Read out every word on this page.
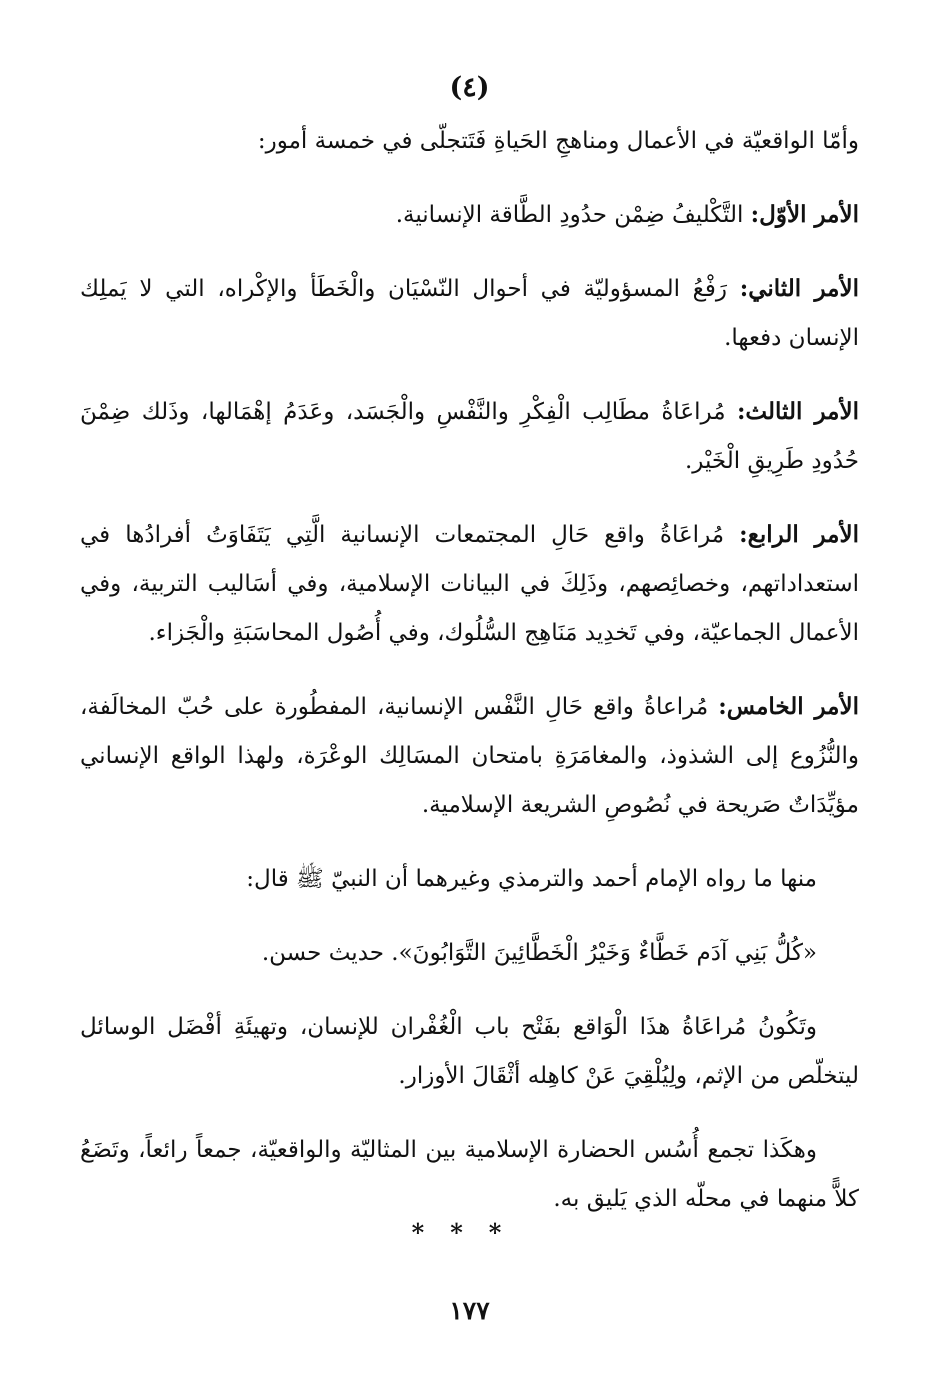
(٤)

وأمّا الواقعيّة في الأعمال ومناهجِ الحَياةِ فَتَتجلّى في خمسة أمور:

الأمر الأوّل: التَّكْليفُ ضِمْن حدُودِ الطَّاقة الإنسانية.

الأمر الثاني: رَفْعُ المسؤوليّة في أحوال النّسْيَان والْخَطَأ والإكْراه، التي لا يَملِك الإنسان دفعها.

الأمر الثالث: مُراعَاةُ مطَالِب الْفِكْرِ والنَّفْسِ والْجَسَد، وعَدَمُ إهْمَالها، وذَلك ضِمْنَ حُدُودِ طَرِيقِ الْخَيْر.

الأمر الرابع: مُراعَاةُ واقع حَالِ المجتمعات الإنسانية الَّتِي يَتَفَاوَتُ أفرادُها في استعداداتهم، وخصائِصهم، وذَلِكَ في البيانات الإسلامية، وفي أسَاليب التربية، وفي الأعمال الجماعيّة، وفي تَخدِيد مَنَاهِج السُّلُوك، وفي أُصُول المحاسَبَةِ والْجَزاء.

الأمر الخامس: مُراعاةُ واقع حَالِ النَّفْس الإنسانية، المفطُورة على حُبّ المخالَفة، والنُّزُوع إلى الشذوذ، والمغامَرَةِ بامتحان المسَالِك الوعْرَة، ولهذا الواقع الإنساني مؤيِّدَاتٌ صَريحة في نُصُوصِ الشريعة الإسلامية.

منها ما رواه الإمام أحمد والترمذي وغيرهما أن النبيّ ﷺ قال:

«كُلُّ بَنِي آدَم خَطَّاءٌ وَخَيْرُ الْخَطَّائِينَ التَّوَابُونَ». حديث حسن.

وتَكُونُ مُراعَاةُ هذَا الْوَاقع بفَتْح باب الْغُفْران للإنسان، وتهيئَةِ أفْضَل الوسائل ليتخلّص من الإثم، ولِيُلْقِيَ عَنْ كاهِله أثْقَالَ الأوزار.

وهكَذا تجمع أُسُس الحضارة الإسلامية بين المثاليّة والواقعيّة، جمعاً رائعاً، وتَضَعُ كلاًّ منهما في محلّه الذي يَليق به.

***
١٧٧
